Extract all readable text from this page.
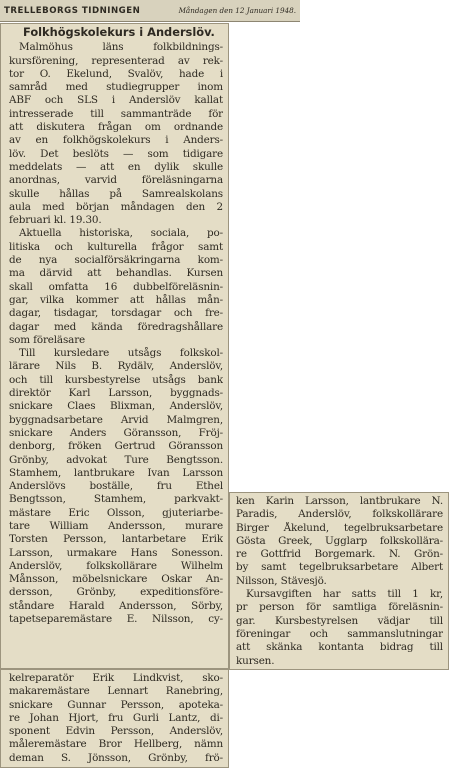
TRELLEBORGS TIDNINGEN	Måndagen den 12 Januari 1948.
Folkhögskolekurs i Anderslöv.
Malmöhus läns folkbildnings-
kursförening, representerad av rek-
tor O. Ekelund, Svalöv, hade i
samråd med studiegrupper inom
ABF och SLS i Anderslöv kallat
intresserade till sammanträde för
att diskutera frågan om ordnande
av en folkhögskolekurs i Anders-
löv. Det beslöts — som tidigare
meddelats — att en dylik skulle
anordnas, varvid föreläsningarna
skulle hållas på Samrealskolans
aula med början måndagen den 2
februari kl. 19.30.
Aktuella historiska, sociala, po-
litiska och kulturella frågor samt
de nya socialförsäkringarna kom-
ma därvid att behandlas. Kursen
skall omfatta 16 dubbelföreläsnin-
gar, vilka kommer att hållas mån-
dagar, tisdagar, torsdagar och fre-
dagar med kända föredragshållare
som föreläsare
Till kursledare utsågs folkskol-
lärare Nils B. Rydälv, Anderslöv,
och till kursbestyrelse utsågs bank
direktör Karl Larsson, byggnads-
snickare Claes Blixman, Anderslöv,
byggnadsarbetare Arvid Malmgren,
snickare Anders Göransson, Fröj-
denborg, fröken Gertrud Göransson
Grönby, advokat Ture Bengtsson.
Stamhem, lantbrukare Ivan Larsson
Anderslövs boställe, fru Ethel
Bengtsson, Stamhem, parkvakt-
mästare Eric Olsson, gjuteriarbe-
tare William Andersson, murare
Torsten Persson, lantarbetare Erik
Larsson, urmakare Hans Sonesson.
Anderslöv, folkskollärare Wilhelm
Månsson, möbelsnickare Oskar An-
dersson, Grönby, expeditionsföre-
ståndare Harald Andersson, Sörby,
tapetsераremästare E. Nilsson, cy-
ken Karin Larsson, lantbrukare N.
Paradis, Anderslöv, folkskollärare
Birger Åkelund, tegelbruksarbetare
Gösta Greek, Ugglarp folkskollära-
re Gottfrid Borgemark. N. Grön-
by samt tegelbruksarbetare Albert
Nilsson, Stävesjö.
Kursavgiften har satts till 1 kr,
pr person för samtliga föreläsnin-
gar. Kursbestyrelsen vädjar till
föreningar och sammanslutningar
att skänka kontanta bidrag till
kursen.
kelreparatör Erik Lindkvist, sko-
makaremästare Lennart Ranebring,
snickare Gunnar Persson, apoteka-
re Johan Hjort, fru Gurli Lantz, di-
sponent Edvin Persson, Anderslöv,
måleremästare Bror Hellberg, nämn
deman S. Jönsson, Grönby, frö-
